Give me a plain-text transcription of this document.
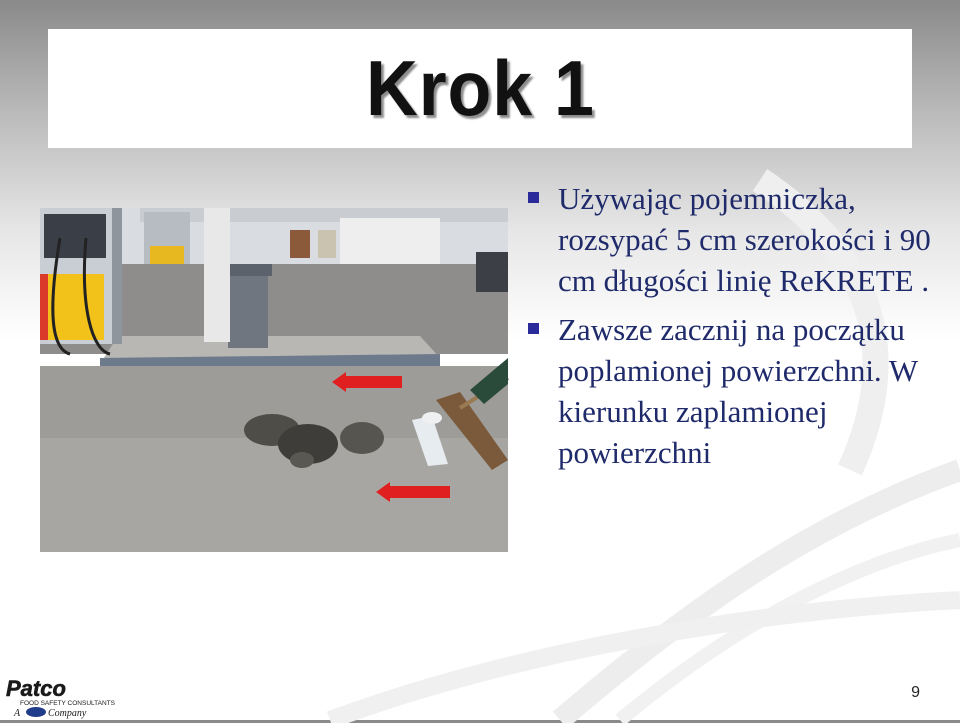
Krok 1
Używając pojemniczka, rozsypać 5 cm szerokości i 90 cm długości linię ReKRETE .
Zawsze zacznij na początku poplamionej powierzchni. W kierunku zaplamionej powierzchni
Patco
FOOD SAFETY CONSULTANTS
A	Company
9
